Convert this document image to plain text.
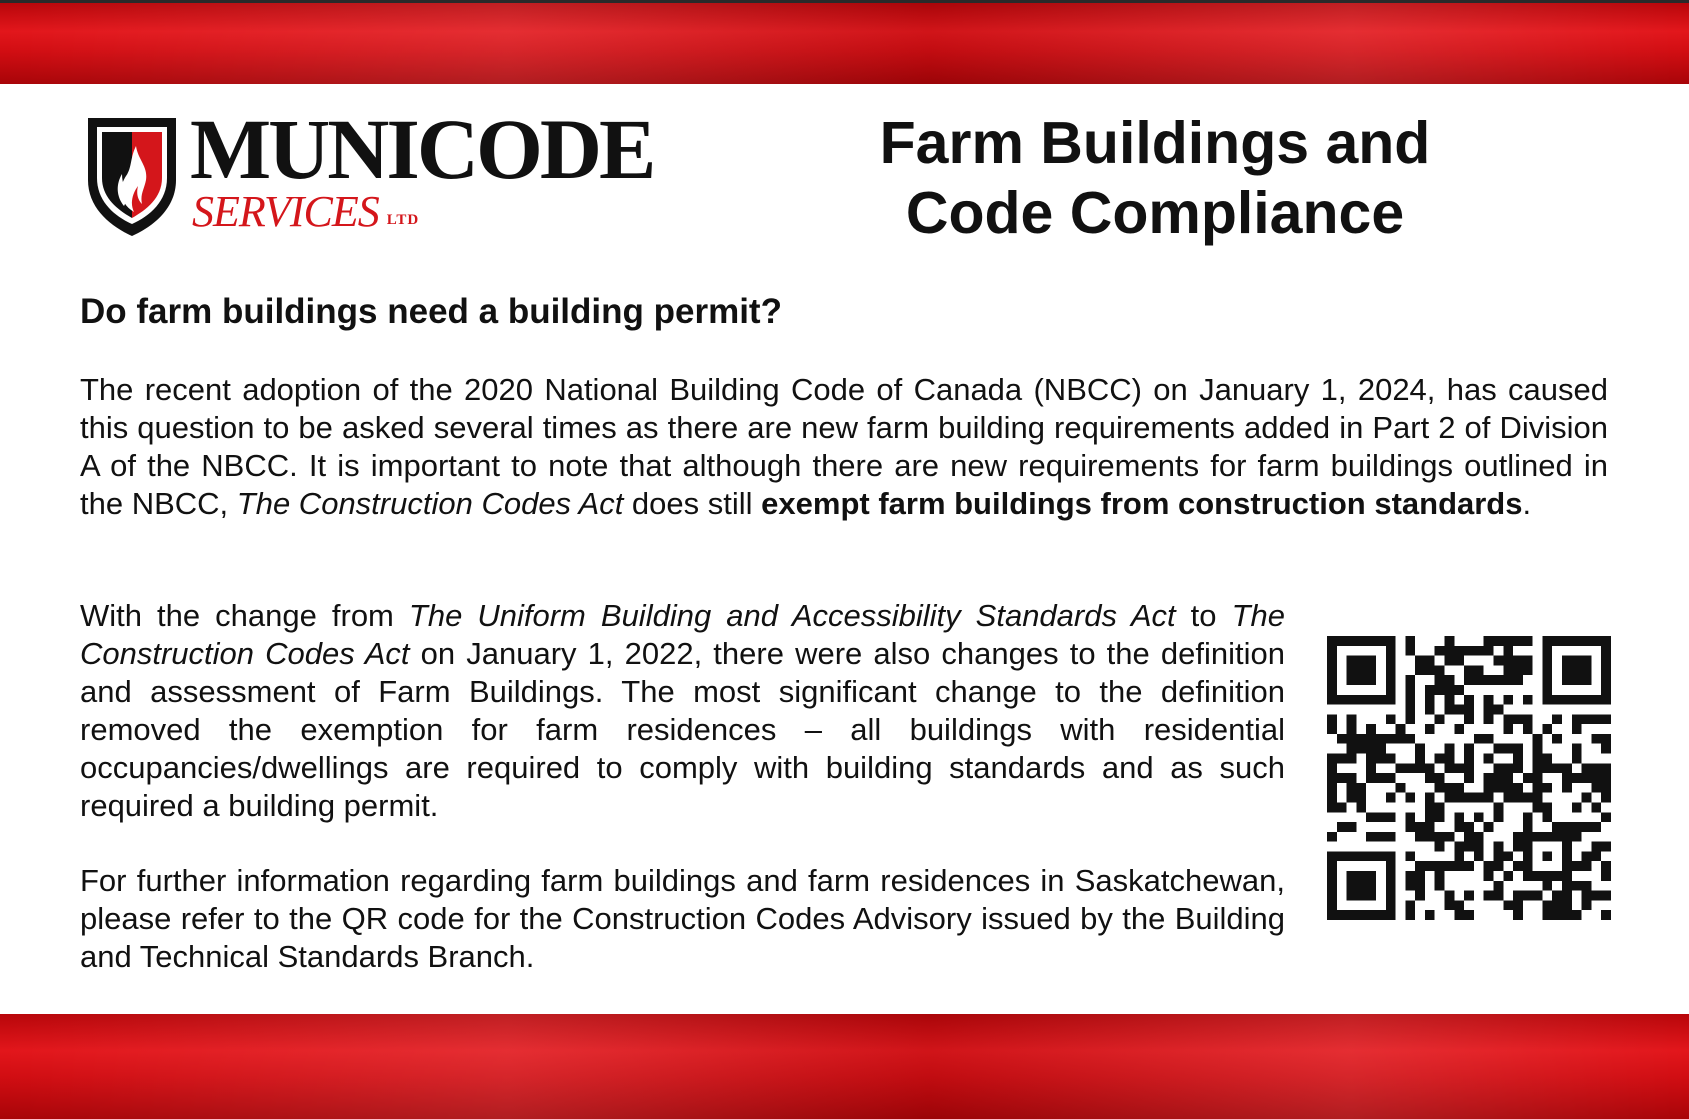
MUNICODE
SERVICES LTD
Farm Buildings and
Code Compliance
Do farm buildings need a building permit?
The recent adoption of the 2020 National Building Code of Canada (NBCC) on January 1, 2024, has caused this question to be asked several times as there are new farm building requirements added in Part 2 of Division A of the NBCC. It is important to note that although there are new requirements for farm buildings outlined in the NBCC, The Construction Codes Act does still exempt farm buildings from construction standards.
With the change from The Uniform Building and Accessibility Standards Act to The Construction Codes Act on January 1, 2022, there were also changes to the definition and assessment of Farm Buildings. The most significant change to the definition removed the exemption for farm residences – all buildings with residential occupancies/dwellings are required to comply with building standards and as such required a building permit.
For further information regarding farm buildings and farm residences in Saskatchewan, please refer to the QR code for the Construction Codes Advisory issued by the Building and Technical Standards Branch.
